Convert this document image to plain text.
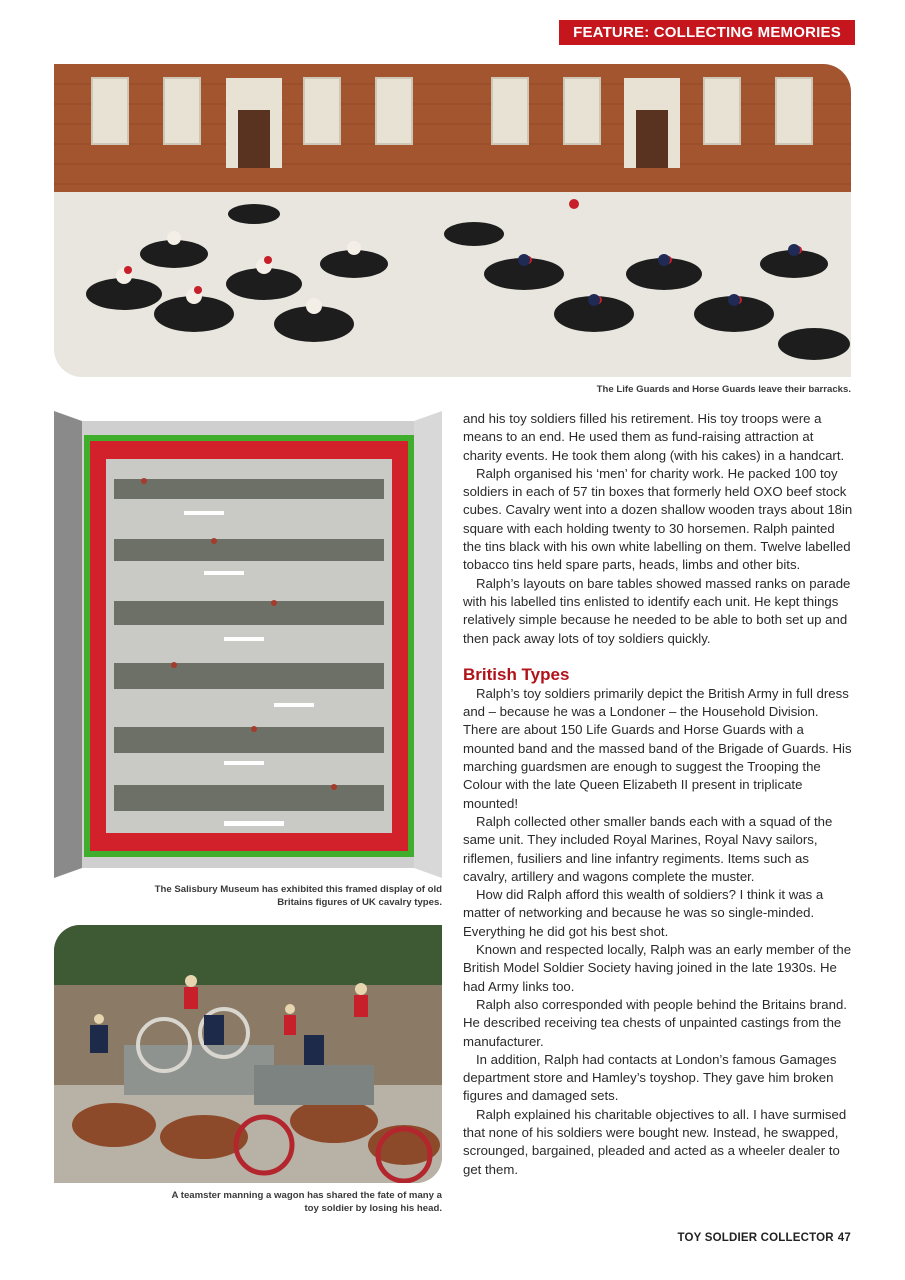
FEATURE: COLLECTING MEMORIES
The Life Guards and Horse Guards leave their barracks.
The Salisbury Museum has exhibited this framed display of old Britains figures of UK cavalry types.
A teamster manning a wagon has shared the fate of many a toy soldier by losing his head.

and his toy soldiers filled his retirement. His toy troops were a means to an end. He used them as fund-raising attraction at charity events. He took them along (with his cakes) in a handcart.

Ralph organised his ‘men’ for charity work. He packed 100 toy soldiers in each of 57 tin boxes that formerly held OXO beef stock cubes. Cavalry went into a dozen shallow wooden trays about 18in square with each holding twenty to 30 horsemen. Ralph painted the tins black with his own white labelling on them. Twelve labelled tobacco tins held spare parts, heads, limbs and other bits.

Ralph’s layouts on bare tables showed massed ranks on parade with his labelled tins enlisted to identify each unit. He kept things relatively simple because he needed to be able to both set up and then pack away lots of toy soldiers quickly.

British Types

Ralph’s toy soldiers primarily depict the British Army in full dress and – because he was a Londoner – the Household Division. There are about 150 Life Guards and Horse Guards with a mounted band and the massed band of the Brigade of Guards. His marching guardsmen are enough to suggest the Trooping the Colour with the late Queen Elizabeth II present in triplicate mounted!

Ralph collected other smaller bands each with a squad of the same unit. They included Royal Marines, Royal Navy sailors, riflemen, fusiliers and line infantry regiments. Items such as cavalry, artillery and wagons complete the muster.

How did Ralph afford this wealth of soldiers? I think it was a matter of networking and because he was so single-minded. Everything he did got his best shot.

Known and respected locally, Ralph was an early member of the British Model Soldier Society having joined in the late 1930s. He had Army links too.

Ralph also corresponded with people behind the Britains brand. He described receiving tea chests of unpainted castings from the manufacturer.

In addition, Ralph had contacts at London’s famous Gamages department store and Hamley’s toyshop. They gave him broken figures and damaged sets.

Ralph explained his charitable objectives to all. I have surmised that none of his soldiers were bought new. Instead, he swapped, scrounged, bargained, pleaded and acted as a wheeler dealer to get them.

TOY SOLDIER COLLECTOR 47
